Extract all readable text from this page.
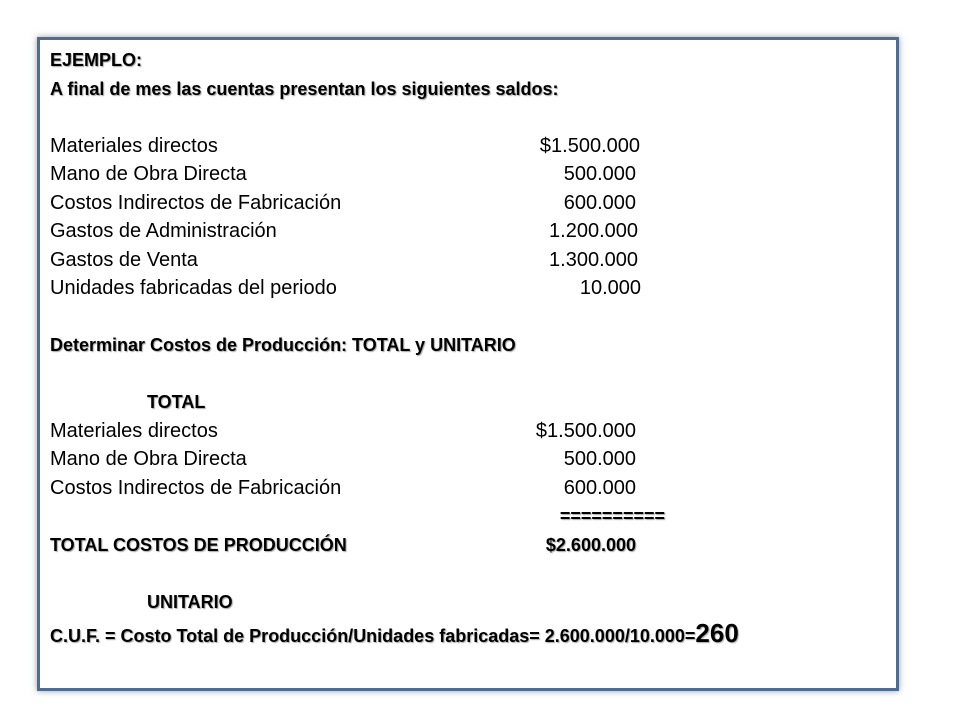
EJEMPLO:
A final de mes las cuentas presentan los siguientes saldos:
Materiales directos	$1.500.000
Mano de Obra Directa	500.000
Costos Indirectos de Fabricación	600.000
Gastos de Administración	1.200.000
Gastos de Venta	1.300.000
Unidades fabricadas del periodo	10.000
Determinar Costos de Producción: TOTAL y UNITARIO
TOTAL
Materiales directos	$1.500.000
Mano de Obra Directa	500.000
Costos Indirectos de Fabricación	600.000
==========
TOTAL COSTOS DE PRODUCCIÓN	$2.600.000
UNITARIO
C.U.F. = Costo Total de Producción/Unidades fabricadas= 2.600.000/10.000=260
